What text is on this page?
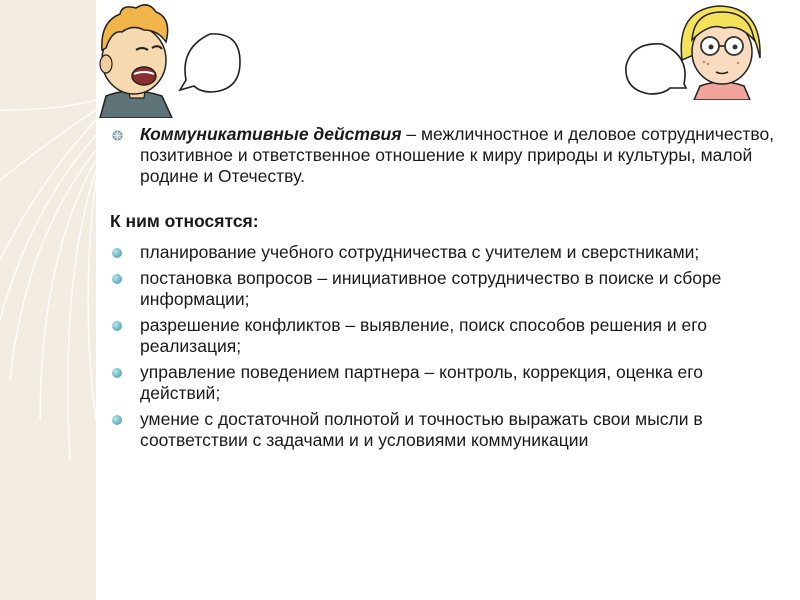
Коммуникативные действия – межличностное и деловое сотрудничество, позитивное и ответственное отношение к миру природы и культуры, малой родине и Отечеству.
К ним относятся:
планирование учебного сотрудничества с учителем и сверстниками;
постановка вопросов – инициативное сотрудничество в поиске и сборе информации;
разрешение конфликтов – выявление, поиск способов решения и его реализация;
управление поведением партнера – контроль, коррекция, оценка его действий;
умение с достаточной полнотой и точностью выражать свои мысли в соответствии с задачами и и условиями коммуникации
